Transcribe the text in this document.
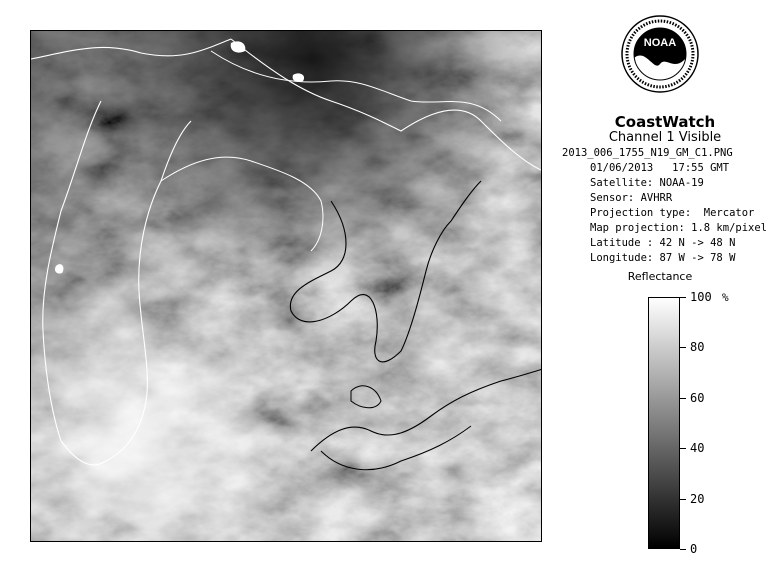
NOAA
CoastWatch
Channel 1 Visible
2013_006_1755_N19_GM_C1.PNG
01/06/2013   17:55 GMT
Satellite: NOAA-19
Sensor: AVHRR
Projection type:  Mercator
Map projection: 1.8 km/pixel
Latitude : 42 N -> 48 N
Longitude: 87 W -> 78 W
Reflectance
%
100
80
60
40
20
0
